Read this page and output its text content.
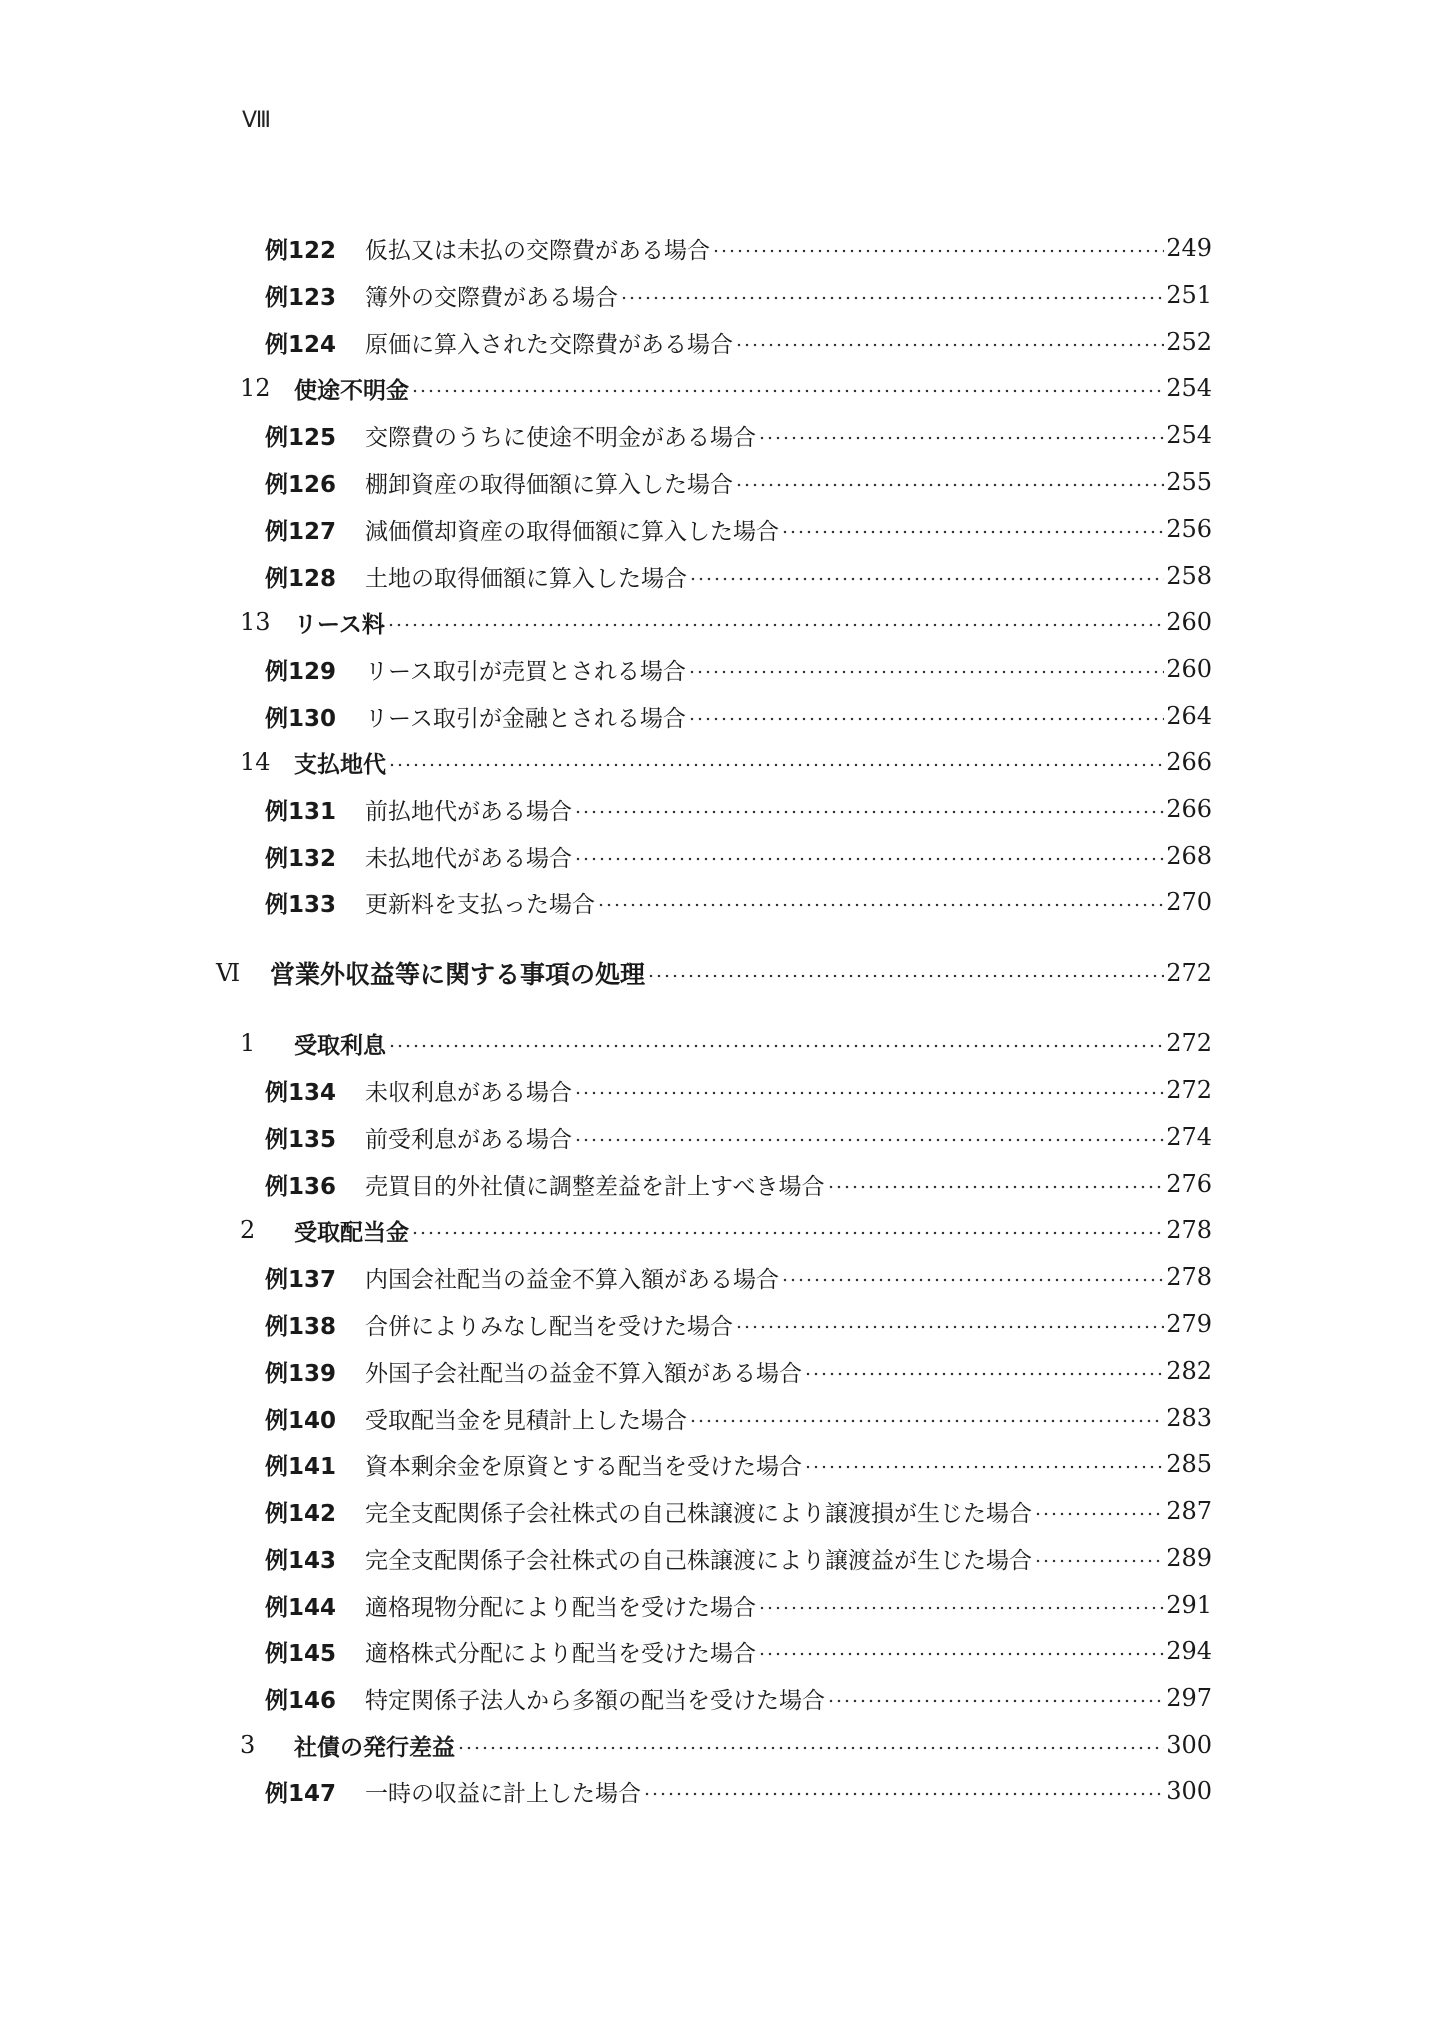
Ⅷ
例122	仮払又は未払の交際費がある場合	249
例123	簿外の交際費がある場合	251
例124	原価に算入された交際費がある場合	252
12	使途不明金	254
例125	交際費のうちに使途不明金がある場合	254
例126	棚卸資産の取得価額に算入した場合	255
例127	減価償却資産の取得価額に算入した場合	256
例128	土地の取得価額に算入した場合	258
13	リース料	260
例129	リース取引が売買とされる場合	260
例130	リース取引が金融とされる場合	264
14	支払地代	266
例131	前払地代がある場合	266
例132	未払地代がある場合	268
例133	更新料を支払った場合	270
Ⅵ	営業外収益等に関する事項の処理	272
1	受取利息	272
例134	未収利息がある場合	272
例135	前受利息がある場合	274
例136	売買目的外社債に調整差益を計上すべき場合	276
2	受取配当金	278
例137	内国会社配当の益金不算入額がある場合	278
例138	合併によりみなし配当を受けた場合	279
例139	外国子会社配当の益金不算入額がある場合	282
例140	受取配当金を見積計上した場合	283
例141	資本剰余金を原資とする配当を受けた場合	285
例142	完全支配関係子会社株式の自己株譲渡により譲渡損が生じた場合	287
例143	完全支配関係子会社株式の自己株譲渡により譲渡益が生じた場合	289
例144	適格現物分配により配当を受けた場合	291
例145	適格株式分配により配当を受けた場合	294
例146	特定関係子法人から多額の配当を受けた場合	297
3	社債の発行差益	300
例147	一時の収益に計上した場合	300
